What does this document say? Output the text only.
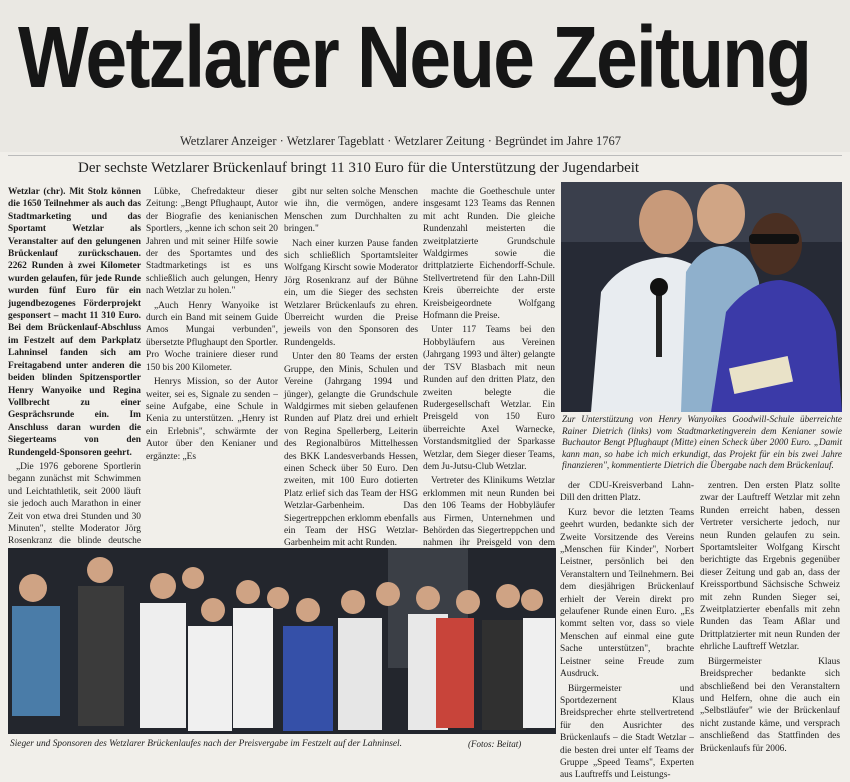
Wetzlarer Neue Zeitung
Wetzlarer Anzeiger · Wetzlarer Tageblatt · Wetzlarer Zeitung · Begründet im Jahre 1767
Der sechste Wetzlarer Brückenlauf bringt 11 310 Euro für die Unterstützung der Jugendarbeit

Wetzlar (chr). Mit Stolz können die 1650 Teilnehmer als auch das Stadtmarketing und das Sportamt Wetzlar als Veranstalter auf den gelungenen Brückenlauf zurückschauen. 2262 Runden à zwei Kilometer wurden gelaufen, für jede Runde wurden fünf Euro für ein jugendbezogenes Förderprojekt gesponsert – macht 11 310 Euro. Bei dem Brückenlauf-Abschluss im Festzelt auf dem Parkplatz Lahninsel fanden sich am Freitagabend unter anderen die beiden blinden Spitzensportler Henry Wanyoike und Regina Vollbrecht zu einer Gesprächsrunde ein. Im Anschluss daran wurden die Siegerteams von den Rundengeld-Sponsoren geehrt.

„Die 1976 geborene Sportlerin begann zunächst mit Schwimmen und Leichtathletik, seit 2000 läuft sie jedoch auch Marathon in einer Zeit von etwa drei Stunden und 30 Minuten", stellte Moderator Jörg Rosenkranz die blinde deutsche

Lübke, Chefredakteur dieser Zeitung: „Bengt Pflughaupt, Autor der Biografie des kenianischen Sportlers, „kenne ich schon seit 20 Jahren und mit seiner Hilfe sowie der des Sportamtes und des Stadtmarketings ist es uns schließlich auch gelungen, Henry nach Wetzlar zu holen."

„Auch Henry Wanyoike ist durch ein Band mit seinem Guide Amos Mungai verbunden", übersetzte Pflughaupt den Sportler. Pro Woche trainiere dieser rund 150 bis 200 Kilometer.

Henrys Mission, so der Autor weiter, sei es, Signale zu senden – seine Aufgabe, eine Schule in Kenia zu unterstützen. „Henry ist ein Erlebnis", schwärmte der Autor über den Kenianer und ergänzte: „Es

gibt nur selten solche Menschen wie ihn, die vermögen, andere Menschen zum Durchhalten zu bringen."

Nach einer kurzen Pause fanden sich schließlich Sportamtsleiter Wolfgang Kirscht sowie Moderator Jörg Rosenkranz auf der Bühne ein, um die Sieger des sechsten Wetzlarer Brückenlaufs zu ehren. Überreicht wurden die Preise jeweils von den Sponsoren des Rundengelds.

Unter den 80 Teams der ersten Gruppe, den Minis, Schulen und Vereine (Jahrgang 1994 und jünger), gelangte die Grundschule Waldgirmes mit sieben gelaufenen Runden auf Platz drei und erhielt von Regina Spellerberg, Leiterin des Regionalbüros Mittelhessen des BKK Landesverbands Hessen, einen Scheck über 50 Euro. Den zweiten, mit 100 Euro dotierten Platz erlief sich das Team der HSG Wetzlar-Garbenheim. Das Siegertreppchen erklomm ebenfalls ein Team der HSG Wetzlar-Garbenheim mit acht Runden.

machte die Goetheschule unter insgesamt 123 Teams das Rennen mit acht Runden. Die gleiche Rundenzahl meisterten die zweitplatzierte Grundschule Waldgirmes sowie die drittplatzierte Eichendorff-Schule. Stellvertretend für den Lahn-Dill Kreis überreichte der erste Kreisbeigeordnete Wolfgang Hofmann die Preise.

Unter 117 Teams bei den Hobbyläufern aus Vereinen (Jahrgang 1993 und älter) gelangte der TSV Blasbach mit neun Runden auf den dritten Platz, den zweiten belegte die Rudergesellschaft Wetzlar. Ein Preisgeld von 150 Euro überreichte Axel Warnecke, Vorstandsmitglied der Sparkasse Wetzlar, dem Sieger dieser Teams, dem Ju-Jutsu-Club Wetzlar.

Vertreter des Klinikums Wetzlar erklommen mit neun Runden bei den 106 Teams der Hobbyläufer aus Firmen, Unternehmen und Behörden das Siegertreppchen und nahmen ihr Preisgeld von dem

Zur Unterstützung von Henry Wanyoikes Goodwill-Schule überreichte Rainer Dietrich (links) vom Stadtmarketingverein dem Kenianer sowie Buchautor Bengt Pflughaupt (Mitte) einen Scheck über 2000 Euro. „Damit kann man, so habe ich mich erkundigt, das Projekt für ein bis zwei Jahre finanzieren", kommentierte Dietrich die Übergabe nach dem Brückenlauf.

der CDU-Kreisverband Lahn-Dill den dritten Platz.

Kurz bevor die letzten Teams geehrt wurden, bedankte sich der Zweite Vorsitzende des Vereins „Menschen für Kinder", Norbert Leistner, persönlich bei den Veranstaltern und Teilnehmern. Bei dem diesjährigen Brückenlauf erhielt der Verein direkt pro gelaufener Runde einen Euro. „Es kommt selten vor, dass so viele Menschen auf einmal eine gute Sache unterstützen", brachte Leistner seine Freude zum Ausdruck.

Bürgermeister und Sportdezernent Klaus Breidsprecher ehrte stellvertretend für den Ausrichter des Brückenlaufs – die Stadt Wetzlar – die besten drei unter elf Teams der Gruppe „Speed Teams", Experten aus Lauftreffs und Leistungs-

zentren. Den ersten Platz sollte zwar der Lauftreff Wetzlar mit zehn Runden erreicht haben, dessen Vertreter versicherte jedoch, nur neun Runden gelaufen zu sein. Sportamtsleiter Wolfgang Kirscht berichtigte das Ergebnis gegenüber dieser Zeitung und gab an, dass der Kreissportbund Sächsische Schweiz mit zehn Runden Sieger sei, Zweitplatzierter ebenfalls mit zehn Runden das Team Aßlar und Drittplatzierter mit neun Runden der ehrliche Lauftreff Wetzlar.

Bürgermeister Klaus Breidsprecher bedankte sich abschließend bei den Veranstaltern und Helfern, ohne die auch ein „Selbstläufer" wie der Brückenlauf nicht zustande käme, und versprach anschließend das Stattfinden des Brückenlaufs für 2006.

Sieger und Sponsoren des Wetzlarer Brückenlaufes nach der Preisvergabe im Festzelt auf der Lahninsel.	(Fotos: Beitat)
